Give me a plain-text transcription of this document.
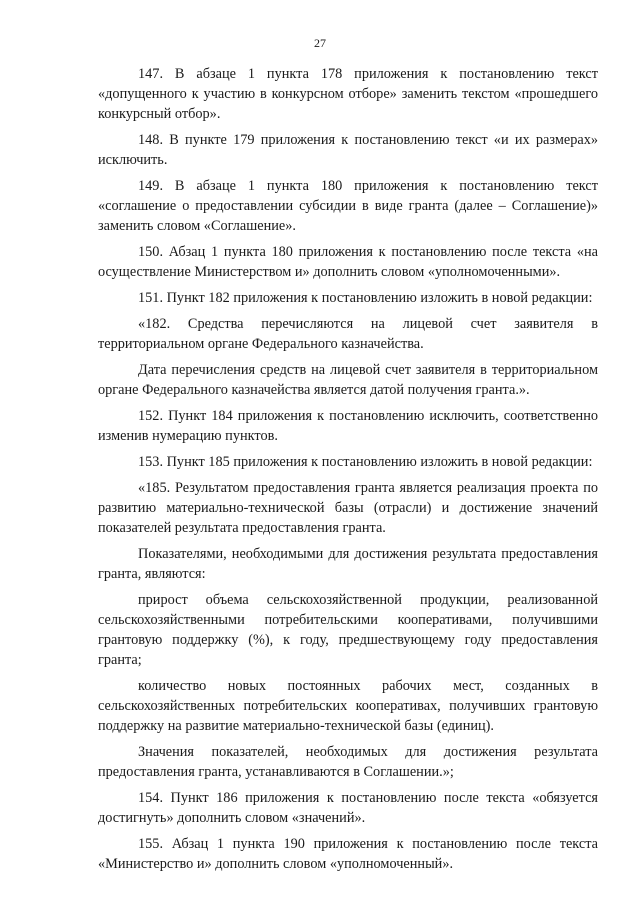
27

147. В абзаце 1 пункта 178 приложения к постановлению текст «допущенного к участию в конкурсном отборе» заменить текстом «прошедшего конкурсный отбор».

148. В пункте 179 приложения к постановлению текст «и их размерах» исключить.

149. В абзаце 1 пункта 180 приложения к постановлению текст «соглашение о предоставлении субсидии в виде гранта (далее – Соглашение)» заменить словом «Соглашение».

150. Абзац 1 пункта 180 приложения к постановлению после текста «на осуществление Министерством и» дополнить словом «уполномоченными».

151. Пункт 182 приложения к постановлению изложить в новой редакции:

«182. Средства перечисляются на лицевой счет заявителя в территориальном органе Федерального казначейства.

Дата перечисления средств на лицевой счет заявителя в территориальном органе Федерального казначейства является датой получения гранта.».

152. Пункт 184 приложения к постановлению исключить, соответственно изменив нумерацию пунктов.

153. Пункт 185 приложения к постановлению изложить в новой редакции:

«185. Результатом предоставления гранта является реализация проекта по развитию материально-технической базы (отрасли) и достижение значений показателей результата предоставления гранта.

Показателями, необходимыми для достижения результата предоставления гранта, являются:

прирост объема сельскохозяйственной продукции, реализованной сельскохозяйственными потребительскими кооперативами, получившими грантовую поддержку (%), к году, предшествующему году предоставления гранта;

количество новых постоянных рабочих мест, созданных в сельскохозяйственных потребительских кооперативах, получивших грантовую поддержку на развитие материально-технической базы (единиц).

Значения показателей, необходимых для достижения результата предоставления гранта, устанавливаются в Соглашении.»;

154. Пункт 186 приложения к постановлению после текста «обязуется достигнуть» дополнить словом «значений».

155. Абзац 1 пункта 190 приложения к постановлению после текста «Министерство и» дополнить словом «уполномоченный».
